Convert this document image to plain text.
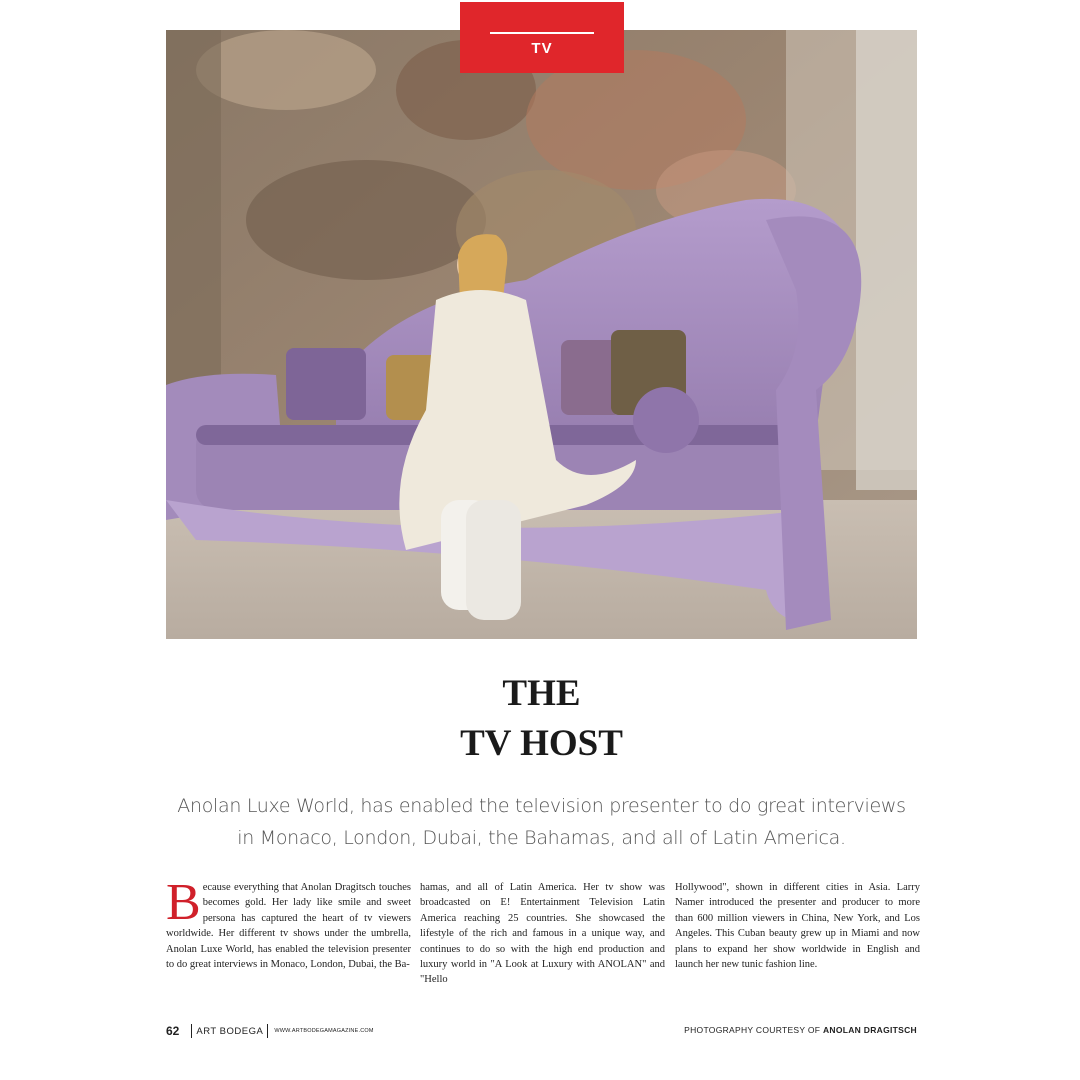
TV
THE
TV HOST
Anolan Luxe World, has enabled the television presenter to do great interviews
in Monaco, London, Dubai, the Bahamas, and all of Latin America.
Because everything that Anolan Dragitsch touches becomes gold. Her lady like smile and sweet persona has captured the heart of tv viewers worldwide. Her different tv shows under the umbrella, Anolan Luxe World, has enabled the television presenter to do great interviews in Monaco, London, Dubai, the Ba-
hamas, and all of Latin America. Her tv show was broadcasted on E! Entertainment Television Latin America reaching 25 countries. She showcased the lifestyle of the rich and famous in a unique way, and continues to do so with the high end production and luxury world in "A Look at Luxury with ANOLAN" and "Hello
Hollywood", shown in different cities in Asia. Larry Namer introduced the presenter and producer to more than 600 million viewers in China, New York, and Los Angeles. This Cuban beauty grew up in Miami and now plans to expand her show worldwide in English and launch her new tunic fashion line.
62 ART BODEGA WWW.ARTBODEGAMAGAZINE.COM	PHOTOGRAPHY COURTESY OF ANOLAN DRAGITSCH
